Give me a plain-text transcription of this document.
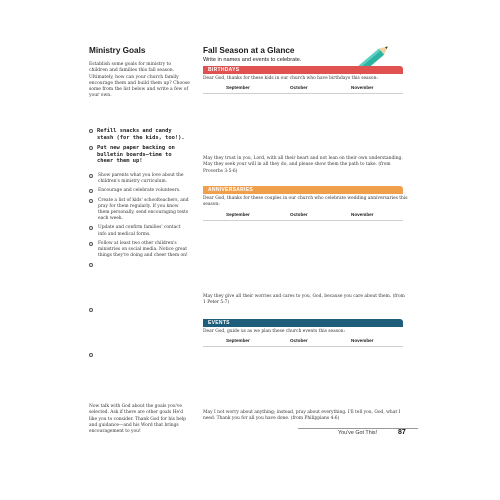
Ministry Goals
Establish some goals for ministry to children and families this fall season. Ultimately, how can your church family encourage them and build them up? Choose some from the list below and write a few of your own.
Refill snacks and candy stash (for the kids, too!).
Put new paper backing on bulletin boards—time to cheer them up!
Show parents what you love about the children's ministry curriculum.
Encourage and celebrate volunteers.
Create a list of kids' schoolteachers, and pray for them regularly. If you know them personally, send encouraging texts each week.
Update and confirm families' contact info and medical forms.
Follow at least two other children's ministries on social media. Notice great things they're doing and cheer them on!
Now talk with God about the goals you've selected. Ask if there are other goals He'd like you to consider. Thank God for his help and guidance—and his Word that brings encouragement to you!
Fall Season at a Glance
Write in names and events to celebrate.
BIRTHDAYS
Dear God, thanks for these kids in our church who have birthdays this season:
September	October	November
May they trust in you, Lord, with all their heart and not lean on their own understanding. May they seek your will in all they do, and please show them the path to take. (from Proverbs 3:5-6)
ANNIVERSARIES
Dear God, thanks for these couples in our church who celebrate wedding anniversaries this season:
September	October	November
May they give all their worries and cares to you, God, because you care about them. (from 1 Peter 5:7)
EVENTS
Dear God, guide us as we plan these church events this season:
September	October	November
May I not worry about anything; instead, pray about everything. I'll tell you, God, what I need. Thank you for all you have done. (from Philippians 4:6)
You've Got This!	87
